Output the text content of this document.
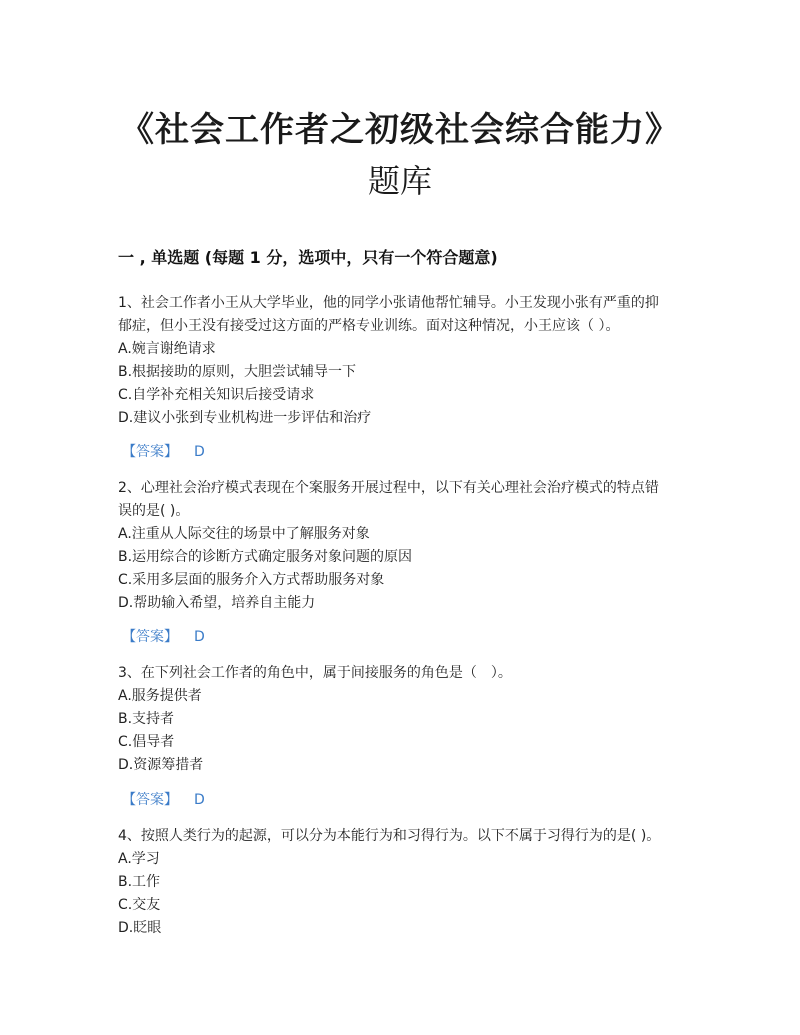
《社会工作者之初级社会综合能力》
题库
一 , 单选题 (每题 1 分，选项中，只有一个符合题意)

1、社会工作者小王从大学毕业，他的同学小张请他帮忙辅导。小王发现小张有严重的抑

郁症，但小王没有接受过这方面的严格专业训练。面对这种情况，小王应该（ ）。

A.婉言谢绝请求

B.根据接助的原则，大胆尝试辅导一下

C.自学补充相关知识后接受请求

D.建议小张到专业机构进一步评估和治疗

【答案】 D

2、心理社会治疗模式表现在个案服务开展过程中，以下有关心理社会治疗模式的特点错

误的是( )。

A.注重从人际交往的场景中了解服务对象

B.运用综合的诊断方式确定服务对象问题的原因

C.采用多层面的服务介入方式帮助服务对象

D.帮助输入希望，培养自主能力

【答案】 D

3、在下列社会工作者的角色中，属于间接服务的角色是（　）。

A.服务提供者

B.支持者

C.倡导者

D.资源筹措者

【答案】 D

4、按照人类行为的起源，可以分为本能行为和习得行为。以下不属于习得行为的是( )。

A.学习

B.工作

C.交友

D.眨眼
